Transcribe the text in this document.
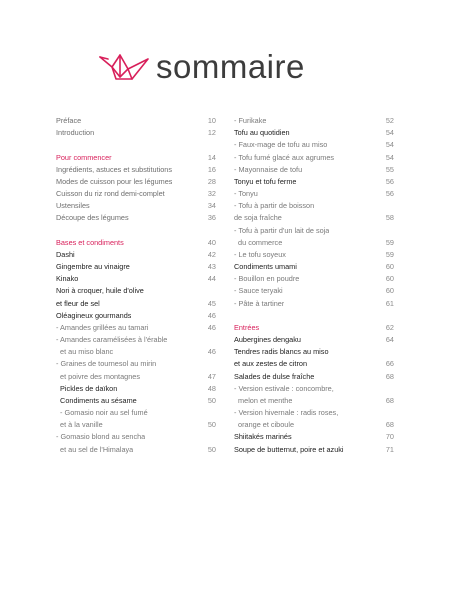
sommaire
Préface	10
Introduction	12
Pour commencer	14
Ingrédients, astuces et substitutions	16
Modes de cuisson pour les légumes	28
Cuisson du riz rond demi-complet	32
Ustensiles	34
Découpe des légumes	36
Bases et condiments	40
Dashi	42
Gingembre au vinaigre	43
Kinako	44
Nori à croquer, huile d'olive
et fleur de sel	45
Oléagineux gourmands	46
- Amandes grillées au tamari	46
- Amandes caramélisées à l'érable
et au miso blanc	46
- Graines de tournesol au mirin
et poivre des montagnes	47
Pickles de daïkon	48
Condiments au sésame	50
- Gomasio noir au sel fumé
et à la vanille	50
- Gomasio blond au sencha
et au sel de l'Himalaya	50
- Furikake	52
Tofu au quotidien	54
- Faux-mage de tofu au miso	54
- Tofu fumé glacé aux agrumes	54
- Mayonnaise de tofu	55
Tonyu et tofu ferme	56
- Tonyu	56
- Tofu à partir de boisson
de soja fraîche	58
- Tofu à partir d'un lait de soja
du commerce	59
- Le tofu soyeux	59
Condiments umami	60
- Bouillon en poudre	60
- Sauce teryaki	60
- Pâte à tartiner	61
Entrées	62
Aubergines dengaku	64
Tendres radis blancs au miso
et aux zestes de citron	66
Salades de dulse fraîche	68
- Version estivale : concombre,
melon et menthe	68
- Version hivernale : radis roses,
orange et ciboule	68
Shiitakés marinés	70
Soupe de butternut, poire et azuki	71
